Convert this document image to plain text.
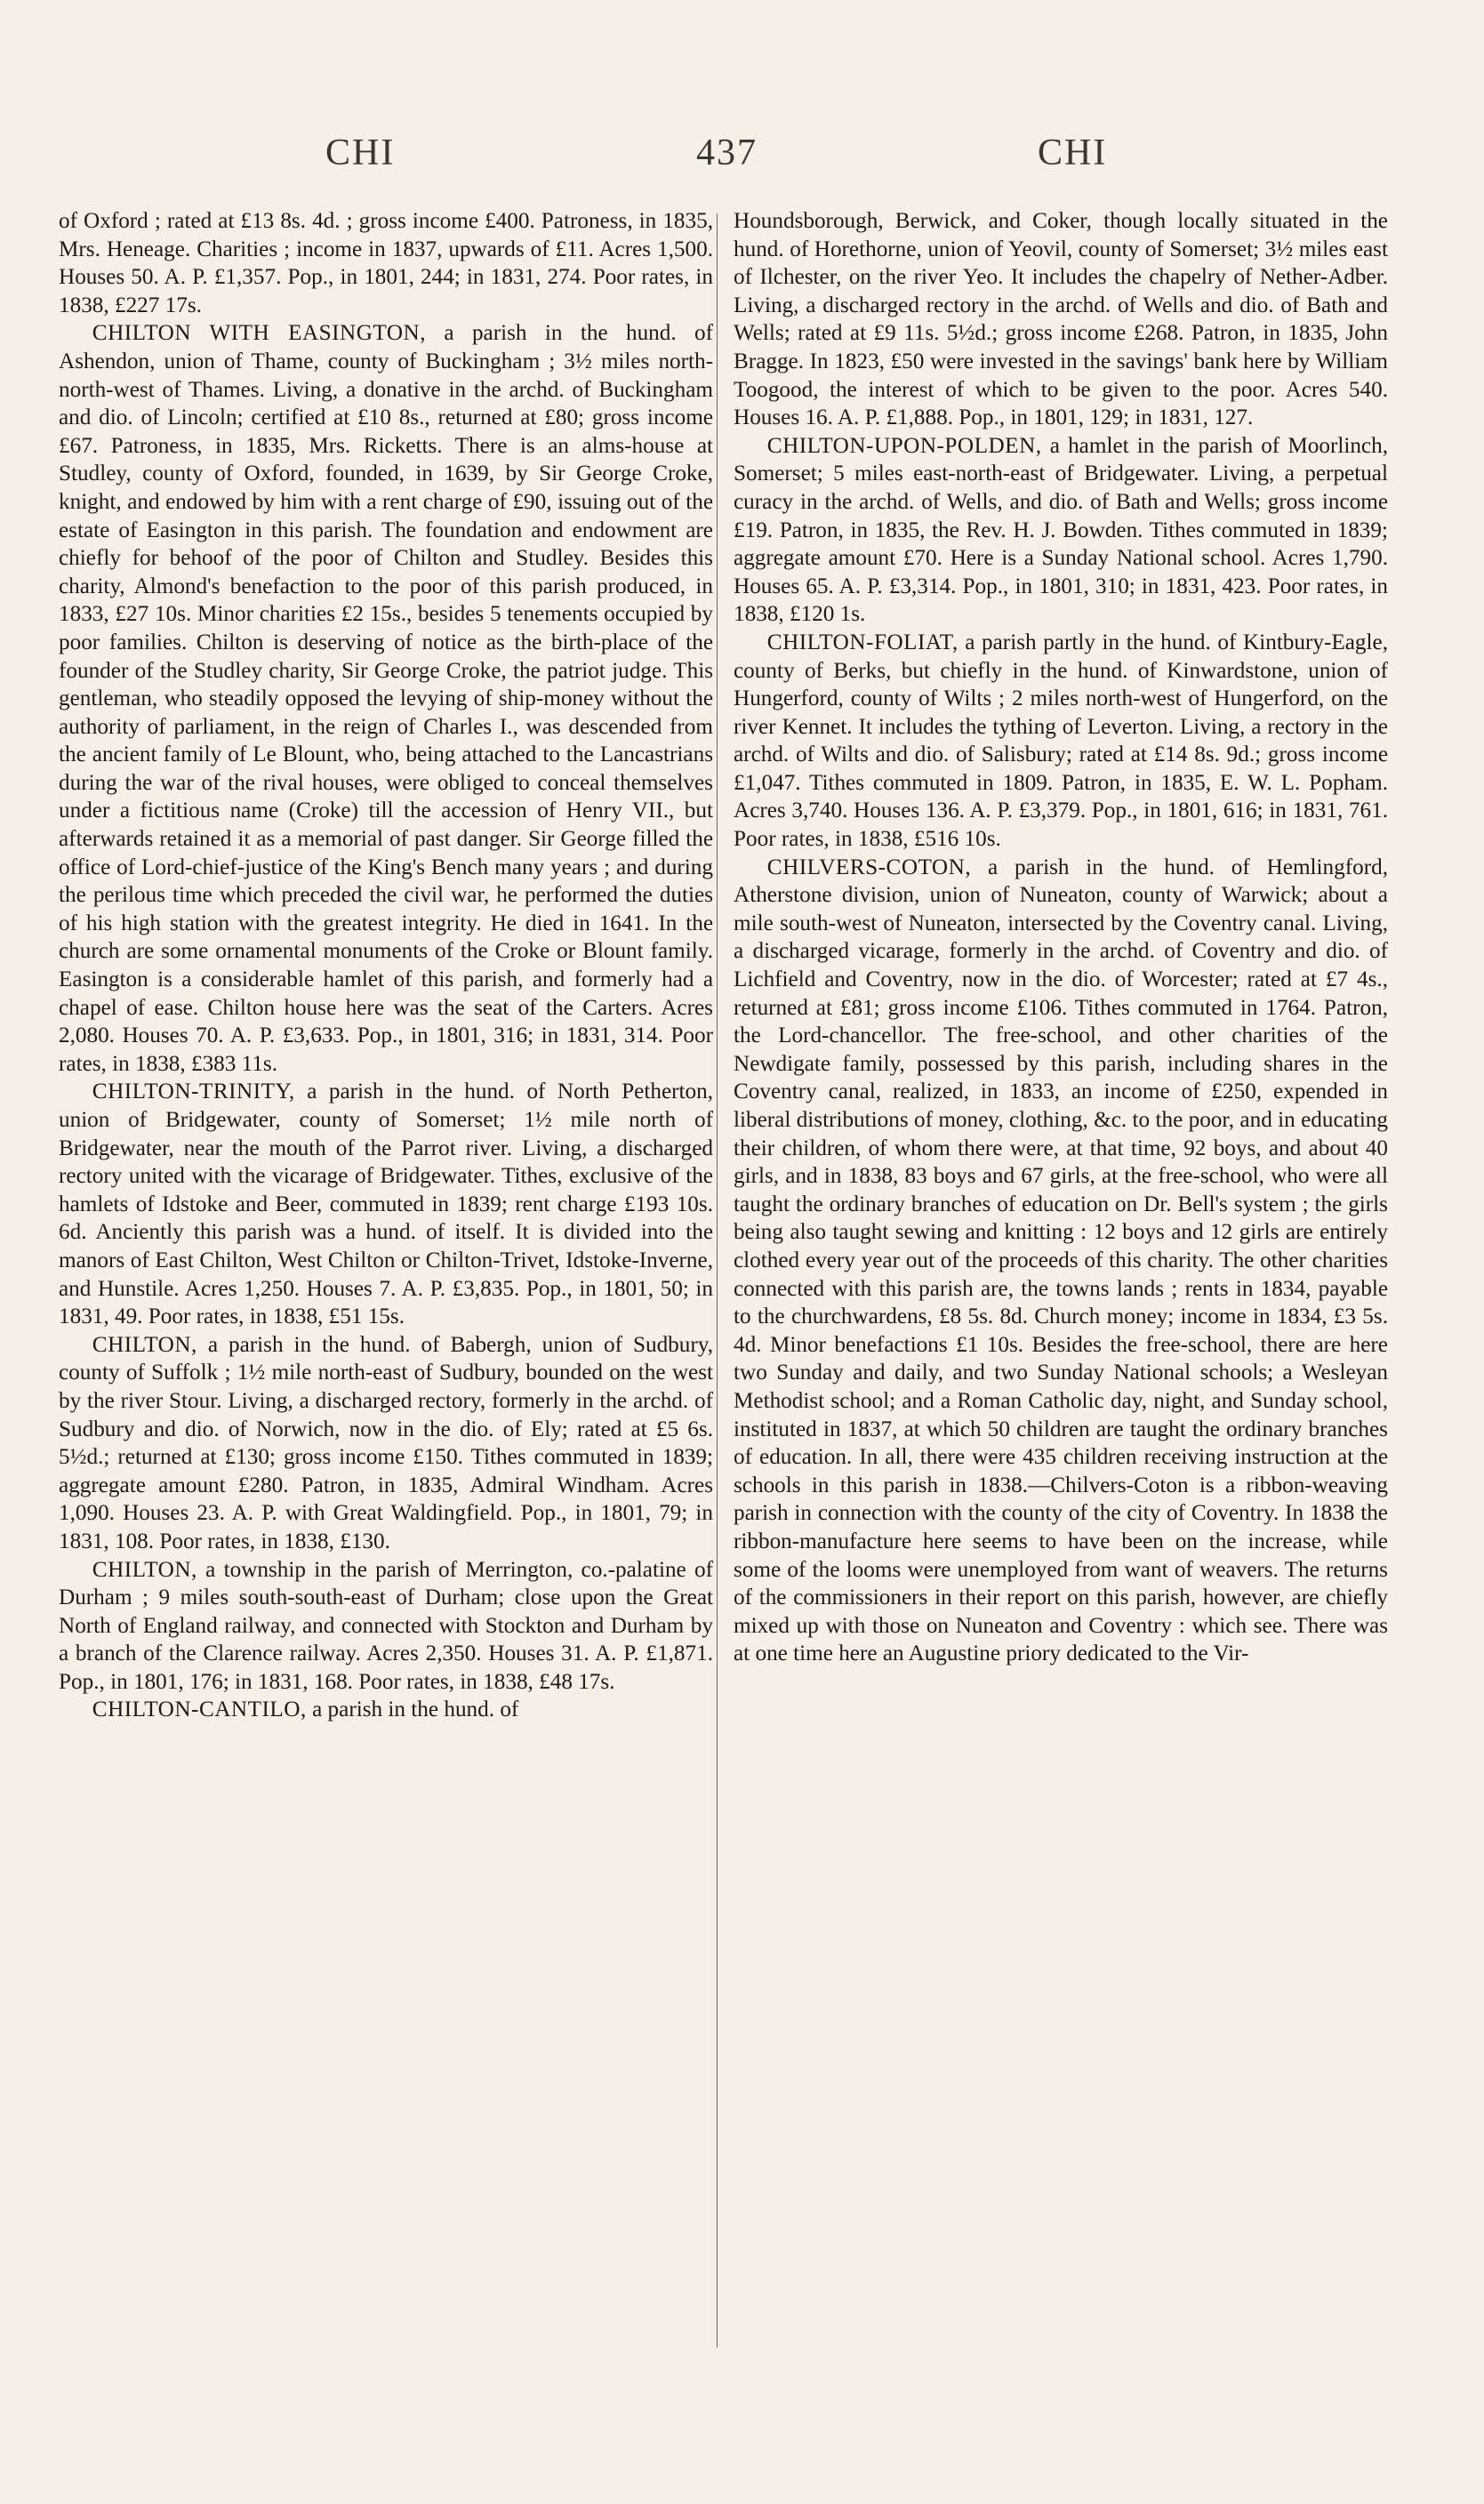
CHI	437	CHI

of Oxford ; rated at £13 8s. 4d. ; gross income £400. Patroness, in 1835, Mrs. Heneage. Charities ; income in 1837, upwards of £11. Acres 1,500. Houses 50. A. P. £1,357. Pop., in 1801, 244; in 1831, 274. Poor rates, in 1838, £227 17s.

CHILTON WITH EASINGTON, a parish in the hund. of Ashendon, union of Thame, county of Buckingham ; 3½ miles north-north-west of Thames. Living, a donative in the archd. of Buckingham and dio. of Lincoln; certified at £10 8s., returned at £80; gross income £67. Patroness, in 1835, Mrs. Ricketts. There is an alms-house at Studley, county of Oxford, founded, in 1639, by Sir George Croke, knight, and endowed by him with a rent charge of £90, issuing out of the estate of Easington in this parish. The foundation and endowment are chiefly for behoof of the poor of Chilton and Studley. Besides this charity, Almond's benefaction to the poor of this parish produced, in 1833, £27 10s. Minor charities £2 15s., besides 5 tenements occupied by poor families. Chilton is deserving of notice as the birth-place of the founder of the Studley charity, Sir George Croke, the patriot judge. This gentleman, who steadily opposed the levying of ship-money without the authority of parliament, in the reign of Charles I., was descended from the ancient family of Le Blount, who, being attached to the Lancastrians during the war of the rival houses, were obliged to conceal themselves under a fictitious name (Croke) till the accession of Henry VII., but afterwards retained it as a memorial of past danger. Sir George filled the office of Lord-chief-justice of the King's Bench many years ; and during the perilous time which preceded the civil war, he performed the duties of his high station with the greatest integrity. He died in 1641. In the church are some ornamental monuments of the Croke or Blount family. Easington is a considerable hamlet of this parish, and formerly had a chapel of ease. Chilton house here was the seat of the Carters. Acres 2,080. Houses 70. A. P. £3,633. Pop., in 1801, 316; in 1831, 314. Poor rates, in 1838, £383 11s.

CHILTON-TRINITY, a parish in the hund. of North Petherton, union of Bridgewater, county of Somerset; 1½ mile north of Bridgewater, near the mouth of the Parrot river. Living, a discharged rectory united with the vicarage of Bridgewater. Tithes, exclusive of the hamlets of Idstoke and Beer, commuted in 1839; rent charge £193 10s. 6d. Anciently this parish was a hund. of itself. It is divided into the manors of East Chilton, West Chilton or Chilton-Trivet, Idstoke-Inverne, and Hunstile. Acres 1,250. Houses 7. A. P. £3,835. Pop., in 1801, 50; in 1831, 49. Poor rates, in 1838, £51 15s.

CHILTON, a parish in the hund. of Babergh, union of Sudbury, county of Suffolk ; 1½ mile north-east of Sudbury, bounded on the west by the river Stour. Living, a discharged rectory, formerly in the archd. of Sudbury and dio. of Norwich, now in the dio. of Ely; rated at £5 6s. 5½d.; returned at £130; gross income £150. Tithes commuted in 1839; aggregate amount £280. Patron, in 1835, Admiral Windham. Acres 1,090. Houses 23. A. P. with Great Waldingfield. Pop., in 1801, 79; in 1831, 108. Poor rates, in 1838, £130.

CHILTON, a township in the parish of Merrington, co.-palatine of Durham ; 9 miles south-south-east of Durham; close upon the Great North of England railway, and connected with Stockton and Durham by a branch of the Clarence railway. Acres 2,350. Houses 31. A. P. £1,871. Pop., in 1801, 176; in 1831, 168. Poor rates, in 1838, £48 17s.

CHILTON-CANTILO, a parish in the hund. of

Houndsborough, Berwick, and Coker, though locally situated in the hund. of Horethorne, union of Yeovil, county of Somerset; 3½ miles east of Ilchester, on the river Yeo. It includes the chapelry of Nether-Adber. Living, a discharged rectory in the archd. of Wells and dio. of Bath and Wells; rated at £9 11s. 5½d.; gross income £268. Patron, in 1835, John Bragge. In 1823, £50 were invested in the savings' bank here by William Toogood, the interest of which to be given to the poor. Acres 540. Houses 16. A. P. £1,888. Pop., in 1801, 129; in 1831, 127.

CHILTON-UPON-POLDEN, a hamlet in the parish of Moorlinch, Somerset; 5 miles east-north-east of Bridgewater. Living, a perpetual curacy in the archd. of Wells, and dio. of Bath and Wells; gross income £19. Patron, in 1835, the Rev. H. J. Bowden. Tithes commuted in 1839; aggregate amount £70. Here is a Sunday National school. Acres 1,790. Houses 65. A. P. £3,314. Pop., in 1801, 310; in 1831, 423. Poor rates, in 1838, £120 1s.

CHILTON-FOLIAT, a parish partly in the hund. of Kintbury-Eagle, county of Berks, but chiefly in the hund. of Kinwardstone, union of Hungerford, county of Wilts ; 2 miles north-west of Hungerford, on the river Kennet. It includes the tything of Leverton. Living, a rectory in the archd. of Wilts and dio. of Salisbury; rated at £14 8s. 9d.; gross income £1,047. Tithes commuted in 1809. Patron, in 1835, E. W. L. Popham. Acres 3,740. Houses 136. A. P. £3,379. Pop., in 1801, 616; in 1831, 761. Poor rates, in 1838, £516 10s.

CHILVERS-COTON, a parish in the hund. of Hemlingford, Atherstone division, union of Nuneaton, county of Warwick; about a mile south-west of Nuneaton, intersected by the Coventry canal. Living, a discharged vicarage, formerly in the archd. of Coventry and dio. of Lichfield and Coventry, now in the dio. of Worcester; rated at £7 4s., returned at £81; gross income £106. Tithes commuted in 1764. Patron, the Lord-chancellor. The free-school, and other charities of the Newdigate family, possessed by this parish, including shares in the Coventry canal, realized, in 1833, an income of £250, expended in liberal distributions of money, clothing, &c. to the poor, and in educating their children, of whom there were, at that time, 92 boys, and about 40 girls, and in 1838, 83 boys and 67 girls, at the free-school, who were all taught the ordinary branches of education on Dr. Bell's system ; the girls being also taught sewing and knitting : 12 boys and 12 girls are entirely clothed every year out of the proceeds of this charity. The other charities connected with this parish are, the towns lands ; rents in 1834, payable to the churchwardens, £8 5s. 8d. Church money; income in 1834, £3 5s. 4d. Minor benefactions £1 10s. Besides the free-school, there are here two Sunday and daily, and two Sunday National schools; a Wesleyan Methodist school; and a Roman Catholic day, night, and Sunday school, instituted in 1837, at which 50 children are taught the ordinary branches of education. In all, there were 435 children receiving instruction at the schools in this parish in 1838.—Chilvers-Coton is a ribbon-weaving parish in connection with the county of the city of Coventry. In 1838 the ribbon-manufacture here seems to have been on the increase, while some of the looms were unemployed from want of weavers. The returns of the commissioners in their report on this parish, however, are chiefly mixed up with those on Nuneaton and Coventry : which see. There was at one time here an Augustine priory dedicated to the Vir-
